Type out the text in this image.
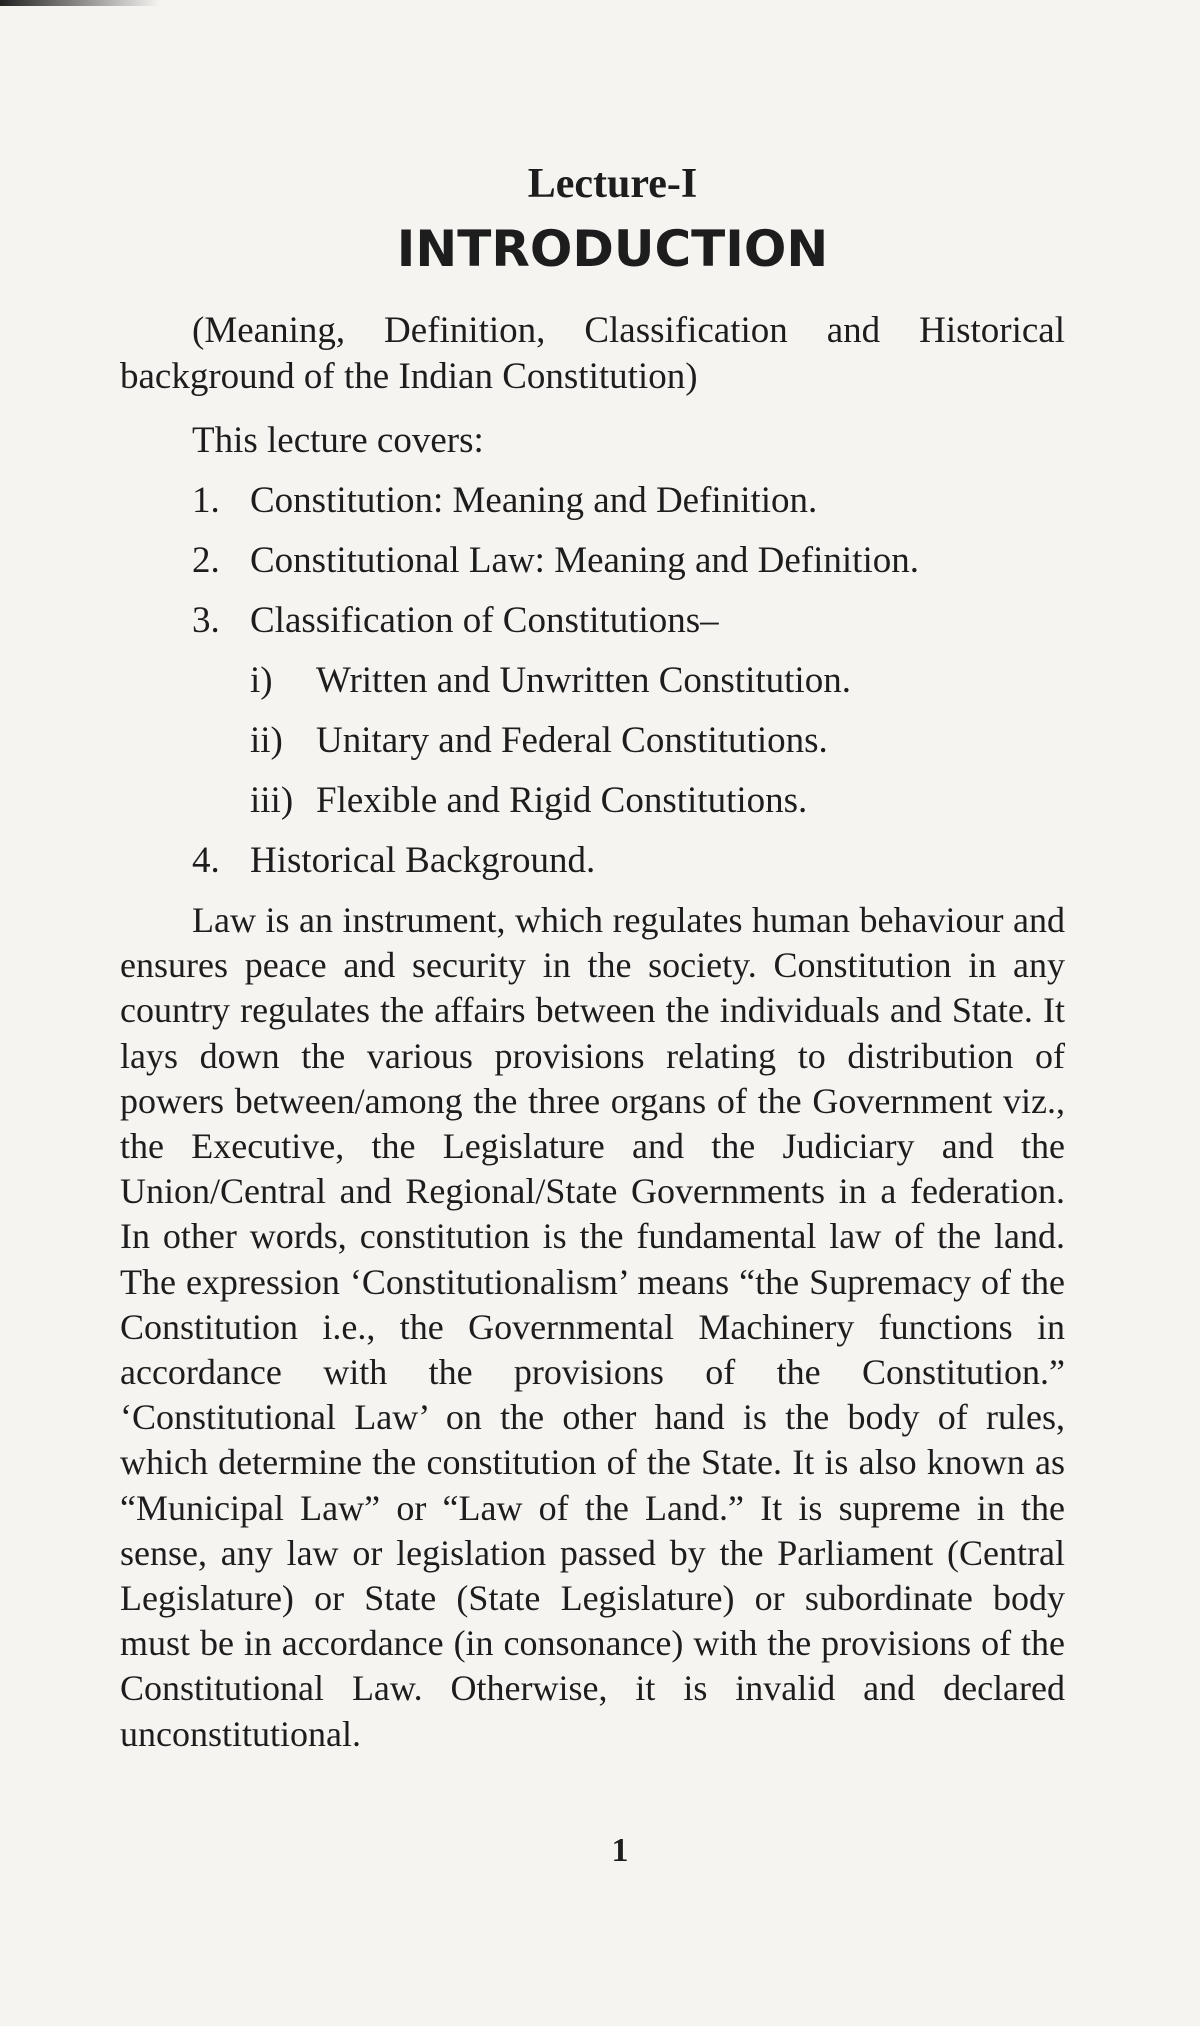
Lecture-I
INTRODUCTION

(Meaning, Definition, Classification and Historical background of the Indian Constitution)

This lecture covers:
1. Constitution: Meaning and Definition.
2. Constitutional Law: Meaning and Definition.
3. Classification of Constitutions–
i)	Written and Unwritten Constitution.
ii) Unitary and Federal Constitutions.
iii) Flexible and Rigid Constitutions.
4. Historical Background.

Law is an instrument, which regulates human behaviour and ensures peace and security in the society. Constitution in any country regulates the affairs between the individuals and State. It lays down the various provisions relating to distribution of powers between/among the three organs of the Government viz., the Executive, the Legislature and the Judiciary and the Union/Central and Regional/State Governments in a federation. In other words, constitution is the fundamental law of the land. The expression ‘Constitutionalism’ means “the Supremacy of the Constitution i.e., the Governmental Machinery functions in accordance with the provisions of the Constitution.” ‘Constitutional Law’ on the other hand is the body of rules, which determine the constitution of the State. It is also known as “Municipal Law” or “Law of the Land.” It is supreme in the sense, any law or legislation passed by the Parliament (Central Legislature) or State (State Legislature) or subordinate body must be in accordance (in consonance) with the provisions of the Constitutional Law. Otherwise, it is invalid and declared unconstitutional.

1
